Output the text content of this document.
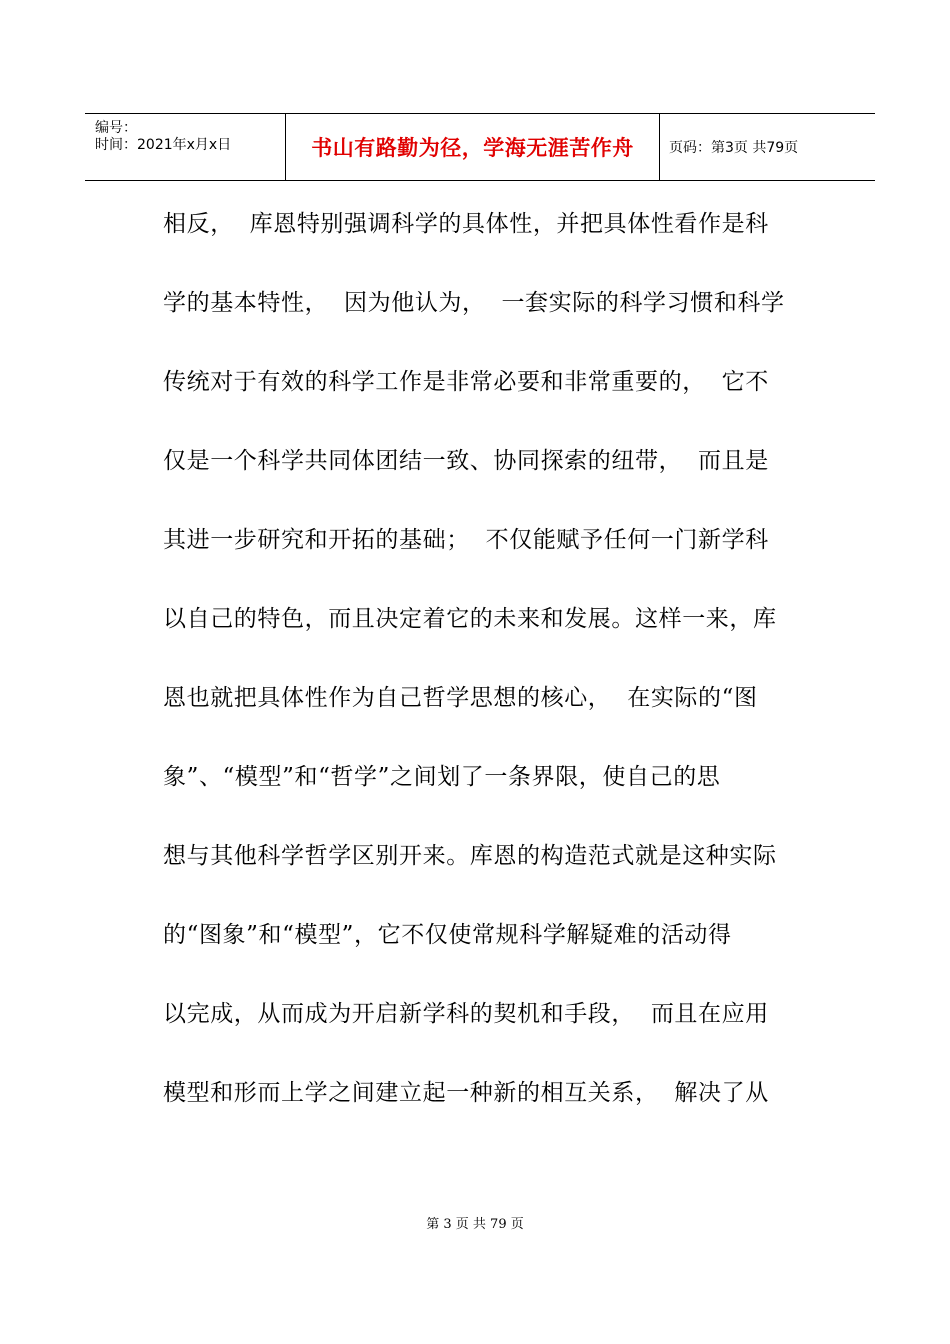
编号：
时间：2021年x月x日	书山有路勤为径，学海无涯苦作舟	页码：第3页 共79页
相反，  库恩特别强调科学的具体性，并把具体性看作是科
学的基本特性，  因为他认为，  一套实际的科学习惯和科学
传统对于有效的科学工作是非常必要和非常重要的，  它不
仅是一个科学共同体团结一致、协同探索的纽带，  而且是
其进一步研究和开拓的基础；  不仅能赋予任何一门新学科
以自己的特色，而且决定着它的未来和发展。这样一来，库
恩也就把具体性作为自己哲学思想的核心，  在实际的“图
象”、“模型”和“哲学”之间划了一条界限，使自己的思
想与其他科学哲学区别开来。库恩的构造范式就是这种实际
的“图象”和“模型”，它不仅使常规科学解疑难的活动得
以完成，从而成为开启新学科的契机和手段，  而且在应用
模型和形而上学之间建立起一种新的相互关系，  解决了从
第 3 页 共 79 页
